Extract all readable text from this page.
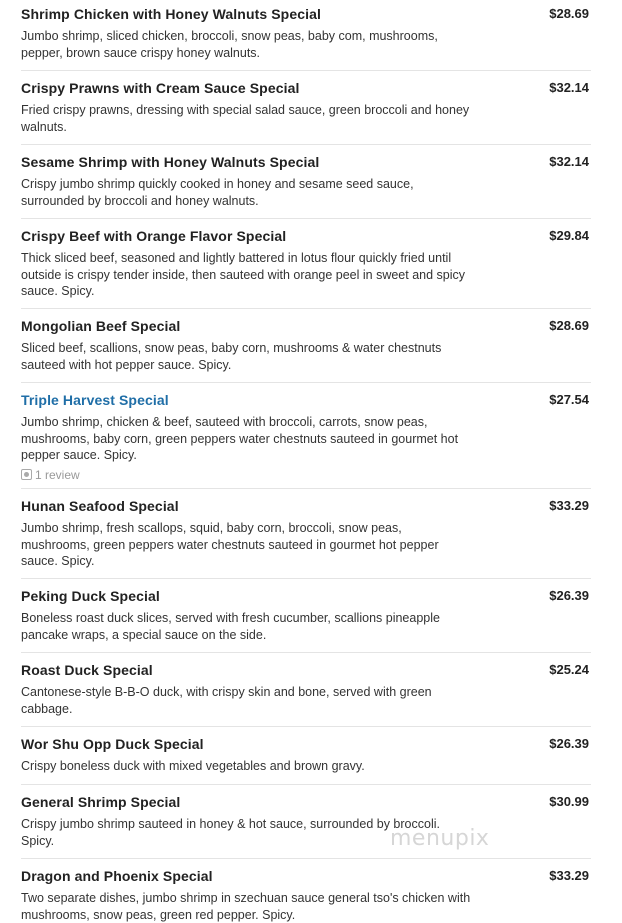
Shrimp Chicken with Honey Walnuts Special	$28.69
Jumbo shrimp, sliced chicken, broccoli, snow peas, baby com, mushrooms, pepper, brown sauce crispy honey walnuts.
Crispy Prawns with Cream Sauce Special	$32.14
Fried crispy prawns, dressing with special salad sauce, green broccoli and honey walnuts.
Sesame Shrimp with Honey Walnuts Special	$32.14
Crispy jumbo shrimp quickly cooked in honey and sesame seed sauce, surrounded by broccoli and honey walnuts.
Crispy Beef with Orange Flavor Special	$29.84
Thick sliced beef, seasoned and lightly battered in lotus flour quickly fried until outside is crispy tender inside, then sauteed with orange peel in sweet and spicy sauce. Spicy.
Mongolian Beef Special	$28.69
Sliced beef, scallions, snow peas, baby corn, mushrooms & water chestnuts sauteed with hot pepper sauce. Spicy.
Triple Harvest Special	$27.54
Jumbo shrimp, chicken & beef, sauteed with broccoli, carrots, snow peas, mushrooms, baby corn, green peppers water chestnuts sauteed in gourmet hot pepper sauce. Spicy.
1 review
Hunan Seafood Special	$33.29
Jumbo shrimp, fresh scallops, squid, baby corn, broccoli, snow peas, mushrooms, green peppers water chestnuts sauteed in gourmet hot pepper sauce. Spicy.
Peking Duck Special	$26.39
Boneless roast duck slices, served with fresh cucumber, scallions pineapple pancake wraps, a special sauce on the side.
Roast Duck Special	$25.24
Cantonese-style B-B-O duck, with crispy skin and bone, served with green cabbage.
Wor Shu Opp Duck Special	$26.39
Crispy boneless duck with mixed vegetables and brown gravy.
General Shrimp Special	$30.99
Crispy jumbo shrimp sauteed in honey & hot sauce, surrounded by broccoli. Spicy.
Dragon and Phoenix Special	$33.29
Two separate dishes, jumbo shrimp in szechuan sauce general tso's chicken with mushrooms, snow peas, green red pepper. Spicy.
menupix
